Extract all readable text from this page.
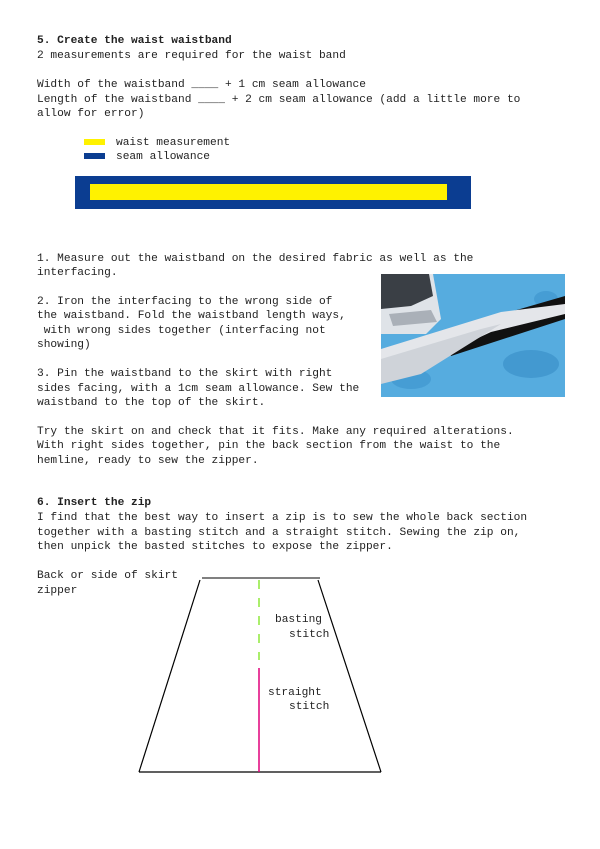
5. Create the waist waistband

2 measurements are required for the waist band

Width of the waistband ____ + 1 cm seam allowance

Length of the waistband ____ + 2 cm seam allowance (add a little more to

allow for error)

waist measurement

seam allowance

1. Measure out the waistband on the desired fabric as well as the

interfacing.

2. Iron the interfacing to the wrong side of

the waistband. Fold the waistband length ways,

with wrong sides together (interfacing not

showing)

3. Pin the waistband to the skirt with right

sides facing, with a 1cm seam allowance. Sew the

waistband to the top of the skirt.

Try the skirt on and check that it fits. Make any required alterations.

With right sides together, pin the back section from the waist to the

hemline, ready to sew the zipper.

6. Insert the zip

I find that the best way to insert a zip is to sew the whole back section

together with a basting stitch and a straight stitch. Sewing the zip on,

then unpick the basted stitches to expose the zipper.

Back or side of skirt

zipper

basting

stitch

straight

stitch
